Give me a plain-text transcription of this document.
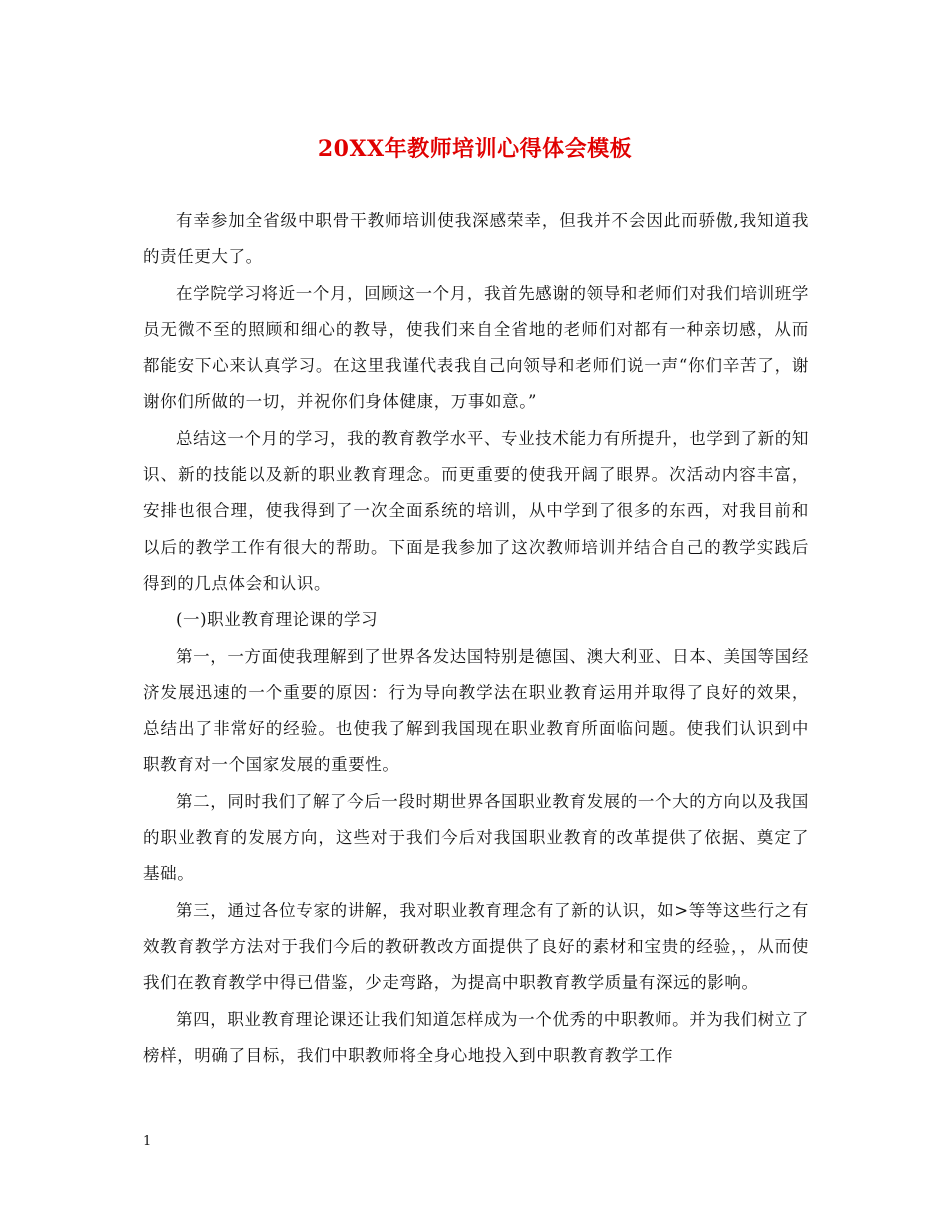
20XX年教师培训心得体会模板

有幸参加全省级中职骨干教师培训使我深感荣幸，但我并不会因此而骄傲,我知道我的责任更大了。

在学院学习将近一个月，回顾这一个月，我首先感谢的领导和老师们对我们培训班学员无微不至的照顾和细心的教导，使我们来自全省地的老师们对都有一种亲切感，从而都能安下心来认真学习。在这里我谨代表我自己向领导和老师们说一声“你们辛苦了，谢谢你们所做的一切，并祝你们身体健康，万事如意。”

总结这一个月的学习，我的教育教学水平、专业技术能力有所提升，也学到了新的知识、新的技能以及新的职业教育理念。而更重要的使我开阔了眼界。次活动内容丰富，安排也很合理，使我得到了一次全面系统的培训，从中学到了很多的东西，对我目前和以后的教学工作有很大的帮助。下面是我参加了这次教师培训并结合自己的教学实践后得到的几点体会和认识。

(一)职业教育理论课的学习

第一，一方面使我理解到了世界各发达国特别是德国、澳大利亚、日本、美国等国经济发展迅速的一个重要的原因：行为导向教学法在职业教育运用并取得了良好的效果，总结出了非常好的经验。也使我了解到我国现在职业教育所面临问题。使我们认识到中职教育对一个国家发展的重要性。

第二，同时我们了解了今后一段时期世界各国职业教育发展的一个大的方向以及我国的职业教育的发展方向，这些对于我们今后对我国职业教育的改革提供了依据、奠定了基础。

第三，通过各位专家的讲解，我对职业教育理念有了新的认识，如>等等这些行之有效教育教学方法对于我们今后的教研教改方面提供了良好的素材和宝贵的经验，，从而使我们在教育教学中得已借鉴，少走弯路，为提高中职教育教学质量有深远的影响。

第四，职业教育理论课还让我们知道怎样成为一个优秀的中职教师。并为我们树立了榜样，明确了目标，我们中职教师将全身心地投入到中职教育教学工作

1
